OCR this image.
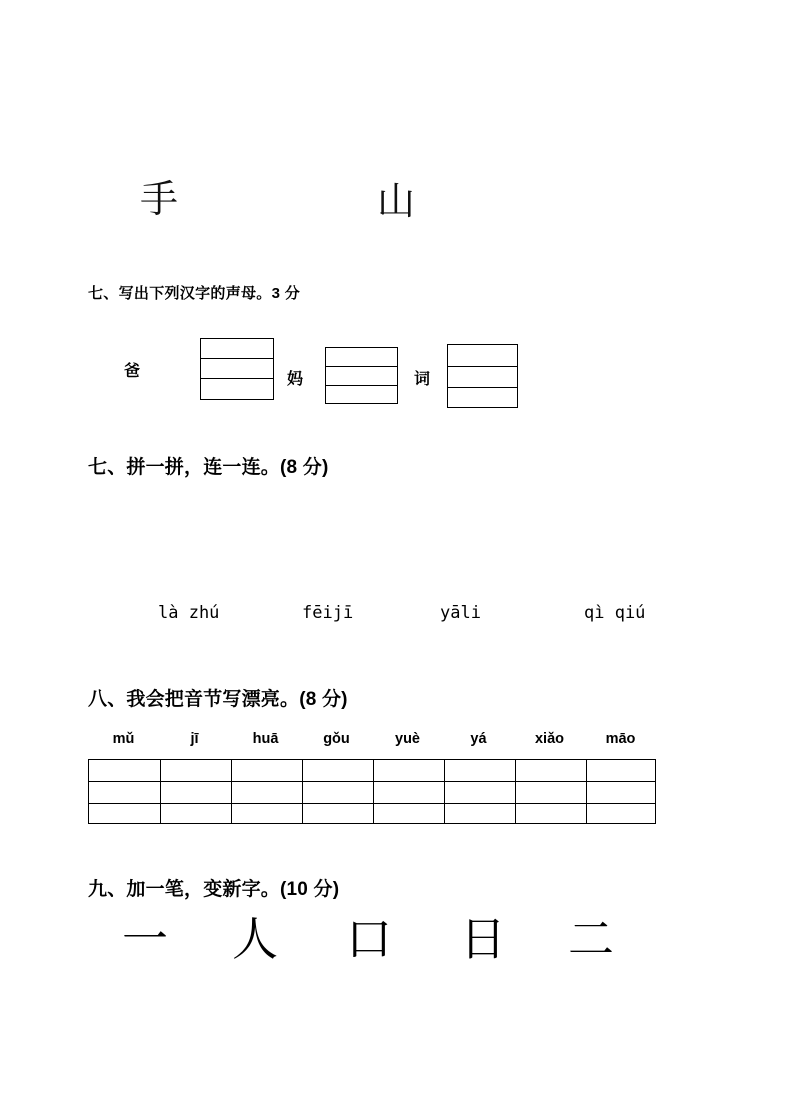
手	山
七、写出下列汉字的声母。3 分
爸	妈	词
七、拼一拼，连一连。(8 分)
là zhú	fēijī	yāli	qì qiú
八、我会把音节写漂亮。(8 分)
mǔ	jī	huā	gǒu	yuè	yá	xiǎo	māo
九、加一笔，变新字。(10 分)
一 人 口 日 二
